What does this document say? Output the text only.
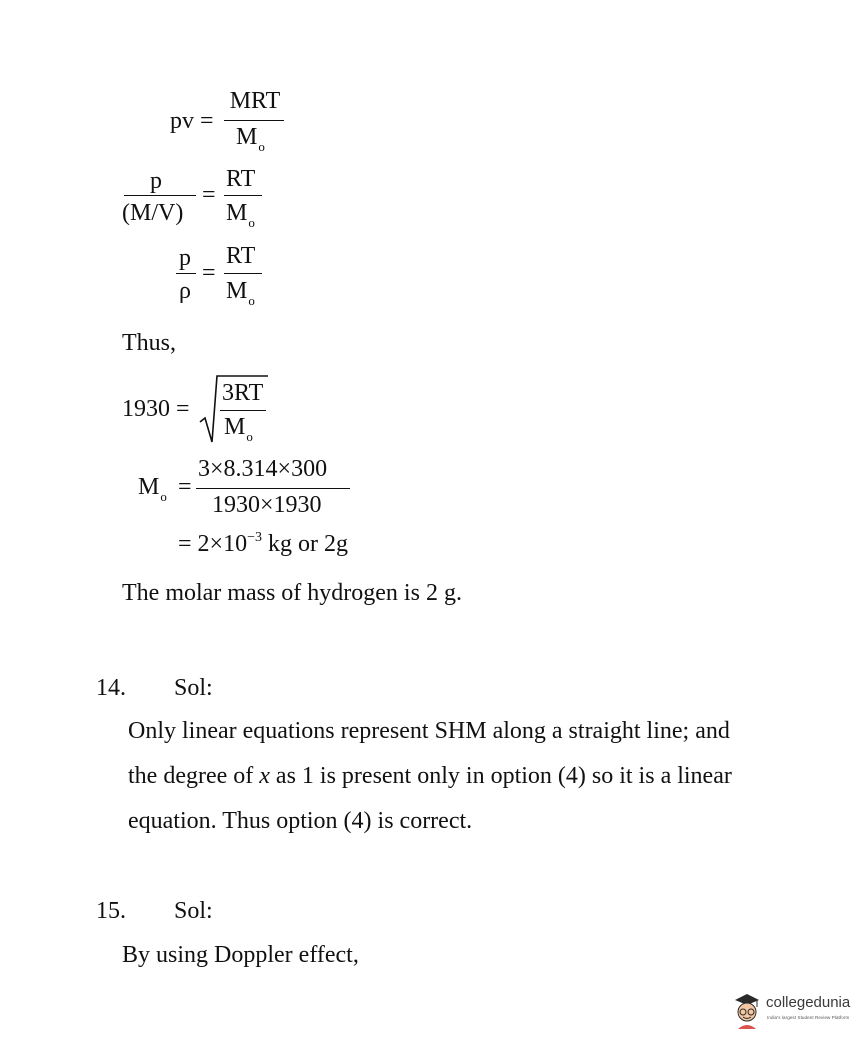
pv =
MRT
$M_o$
p
(M/V)
=
RT
$M_o$
p
ρ
=
RT
$M_o$
Thus,
1930 =
3RT
$M_o$
$M_o$ =
3×8.314×300
1930×1930
= $2\times 10^{-3}$ kg or 2g
The molar mass of hydrogen is 2 g.
14. Sol:
Only linear equations represent SHM along a straight line; and
the degree of x as 1 is present only in option (4) so it is a linear
equation. Thus option (4) is correct.
15. Sol:
By using Doppler effect,
collegedunia
India's largest Student Review Platform
